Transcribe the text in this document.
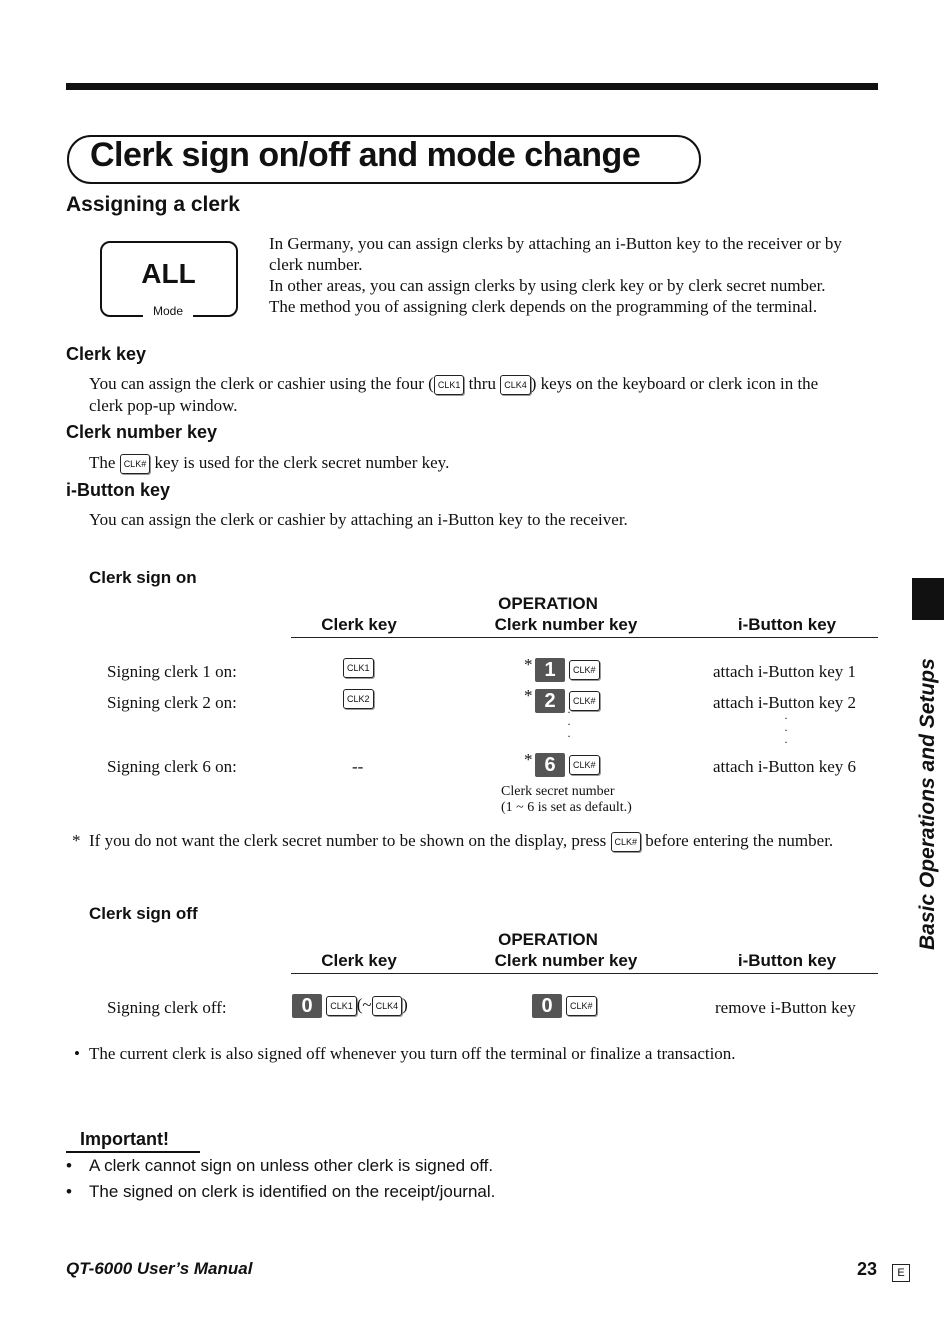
Clerk sign on/off and mode change
Assigning a clerk
ALL
Mode
In Germany, you can assign clerks by attaching an i-Button key to the receiver or by
clerk number.
In other areas, you can assign clerks by using clerk key or by clerk secret number.
The method you of assigning clerk depends on the programming of the terminal.
Clerk key
You can assign the clerk or cashier using the four ( CLK1 thru CLK4 ) keys on the keyboard or clerk icon in the
clerk pop-up window.
Clerk number key
The CLK# key is used for the clerk secret number key.
i-Button key
You can assign the clerk or cashier by attaching an i-Button key to the receiver.
Clerk sign on
OPERATION
Clerk key	Clerk number key	i-Button key
Signing clerk 1 on:	CLK1	* 1 CLK#	attach i-Button key 1
Signing clerk 2 on:	CLK2	* 2 CLK#	attach i-Button key 2
·
·
·
·
·
·
Signing clerk 6 on:	--	* 6 CLK#	attach i-Button key 6
Clerk secret number
(1 ~ 6 is set as default.)
* If you do not want the clerk secret number to be shown on the display, press CLK# before entering the number.
Clerk sign off
OPERATION
Clerk key	Clerk number key	i-Button key
Signing clerk off:	0 CLK1 (~ CLK4 )	0 CLK#	remove i-Button key
• The current clerk is also signed off whenever you turn off the terminal or finalize a transaction.
Important!
• A clerk cannot sign on unless other clerk is signed off.
• The signed on clerk is identified on the receipt/journal.
Basic Operations and Setups
QT-6000 User’s Manual	23	E
